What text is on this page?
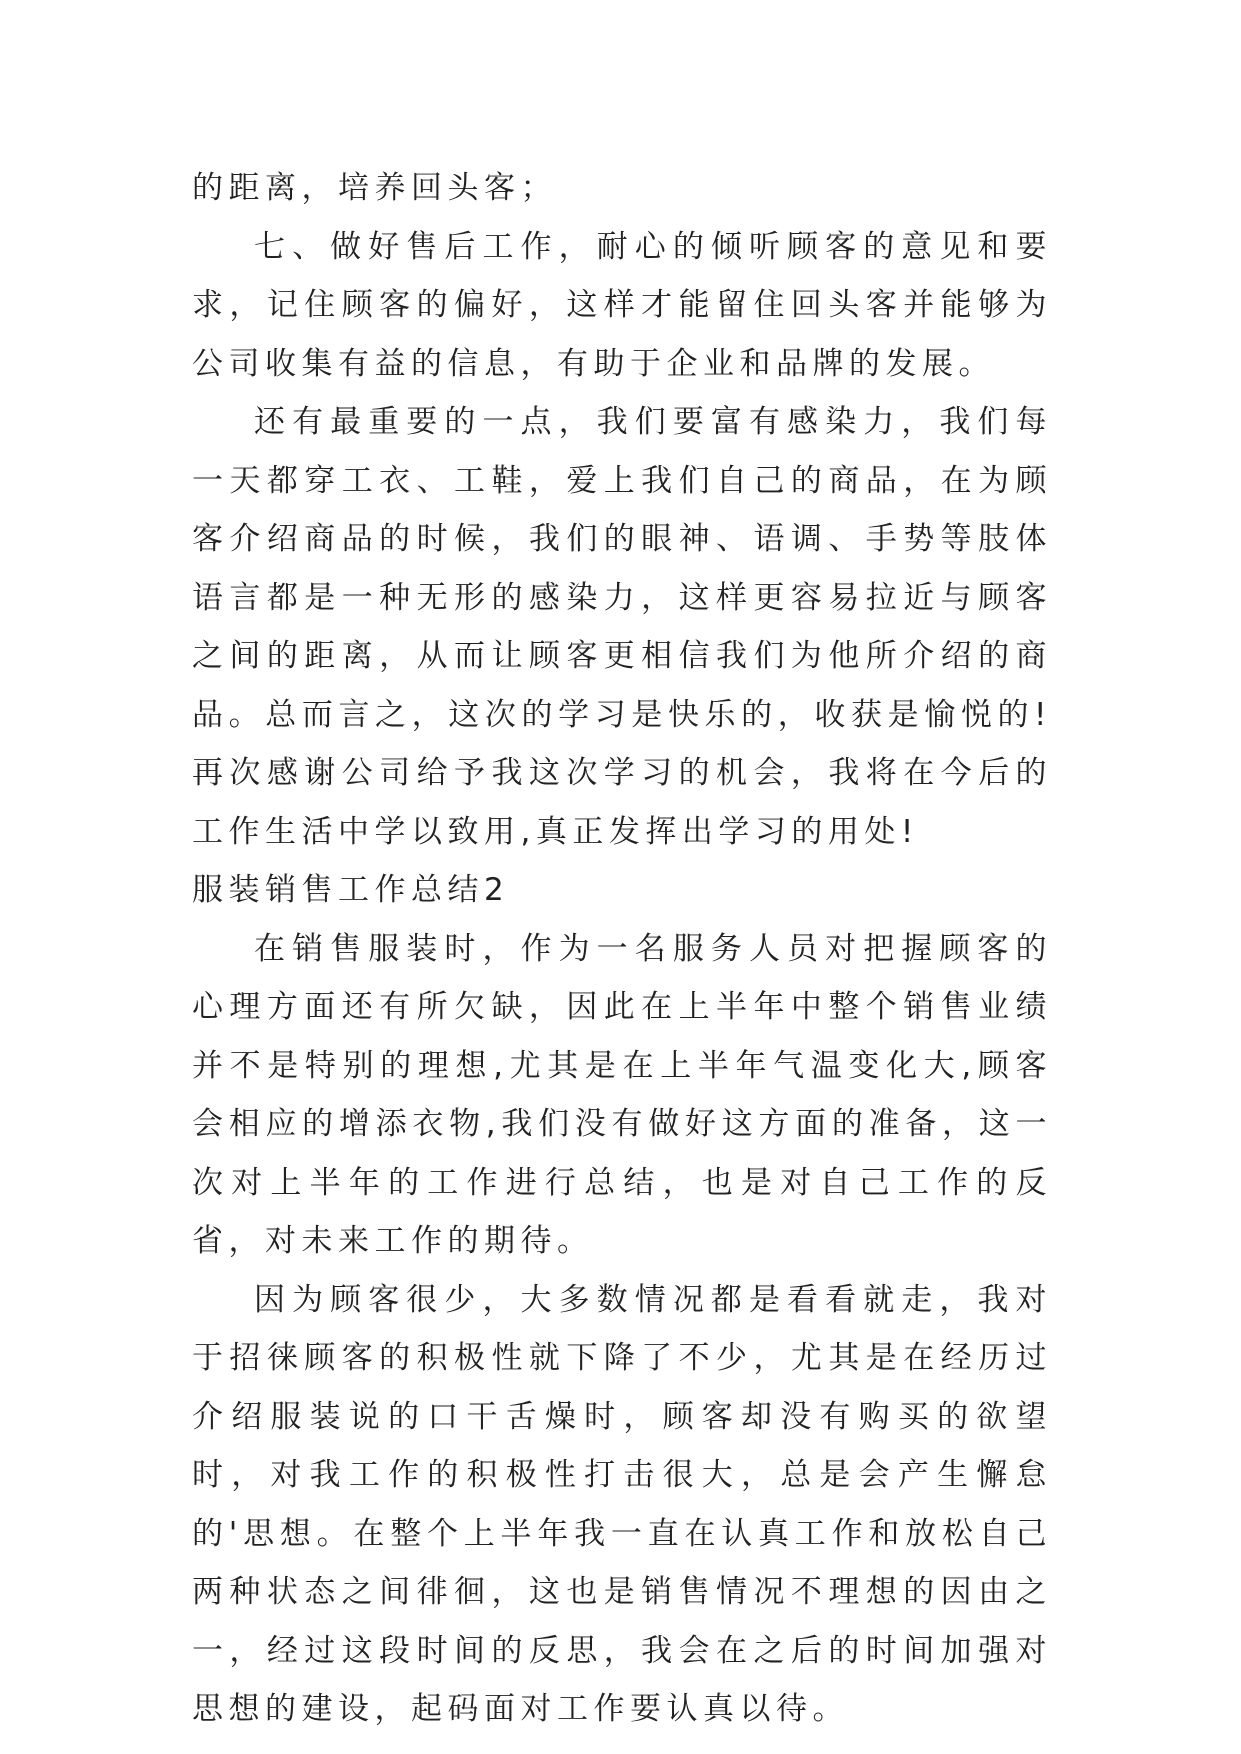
的距离，培养回头客；

七、做好售后工作，耐心的倾听顾客的意见和要求，记住顾客的偏好，这样才能留住回头客并能够为公司收集有益的信息，有助于企业和品牌的发展。

还有最重要的一点，我们要富有感染力，我们每一天都穿工衣、工鞋，爱上我们自己的商品，在为顾客介绍商品的时候，我们的眼神、语调、手势等肢体语言都是一种无形的感染力，这样更容易拉近与顾客之间的距离，从而让顾客更相信我们为他所介绍的商品。总而言之，这次的学习是快乐的，收获是愉悦的!再次感谢公司给予我这次学习的机会，我将在今后的工作生活中学以致用,真正发挥出学习的用处!

服装销售工作总结2

在销售服装时，作为一名服务人员对把握顾客的心理方面还有所欠缺，因此在上半年中整个销售业绩并不是特别的理想,尤其是在上半年气温变化大,顾客会相应的增添衣物,我们没有做好这方面的准备，这一次对上半年的工作进行总结，也是对自己工作的反省，对未来工作的期待。

因为顾客很少，大多数情况都是看看就走，我对于招徕顾客的积极性就下降了不少，尤其是在经历过介绍服装说的口干舌燥时，顾客却没有购买的欲望时，对我工作的积极性打击很大，总是会产生懈怠的'思想。在整个上半年我一直在认真工作和放松自己两种状态之间徘徊，这也是销售情况不理想的因由之一，经过这段时间的反思，我会在之后的时间加强对思想的建设，起码面对工作要认真以待。
